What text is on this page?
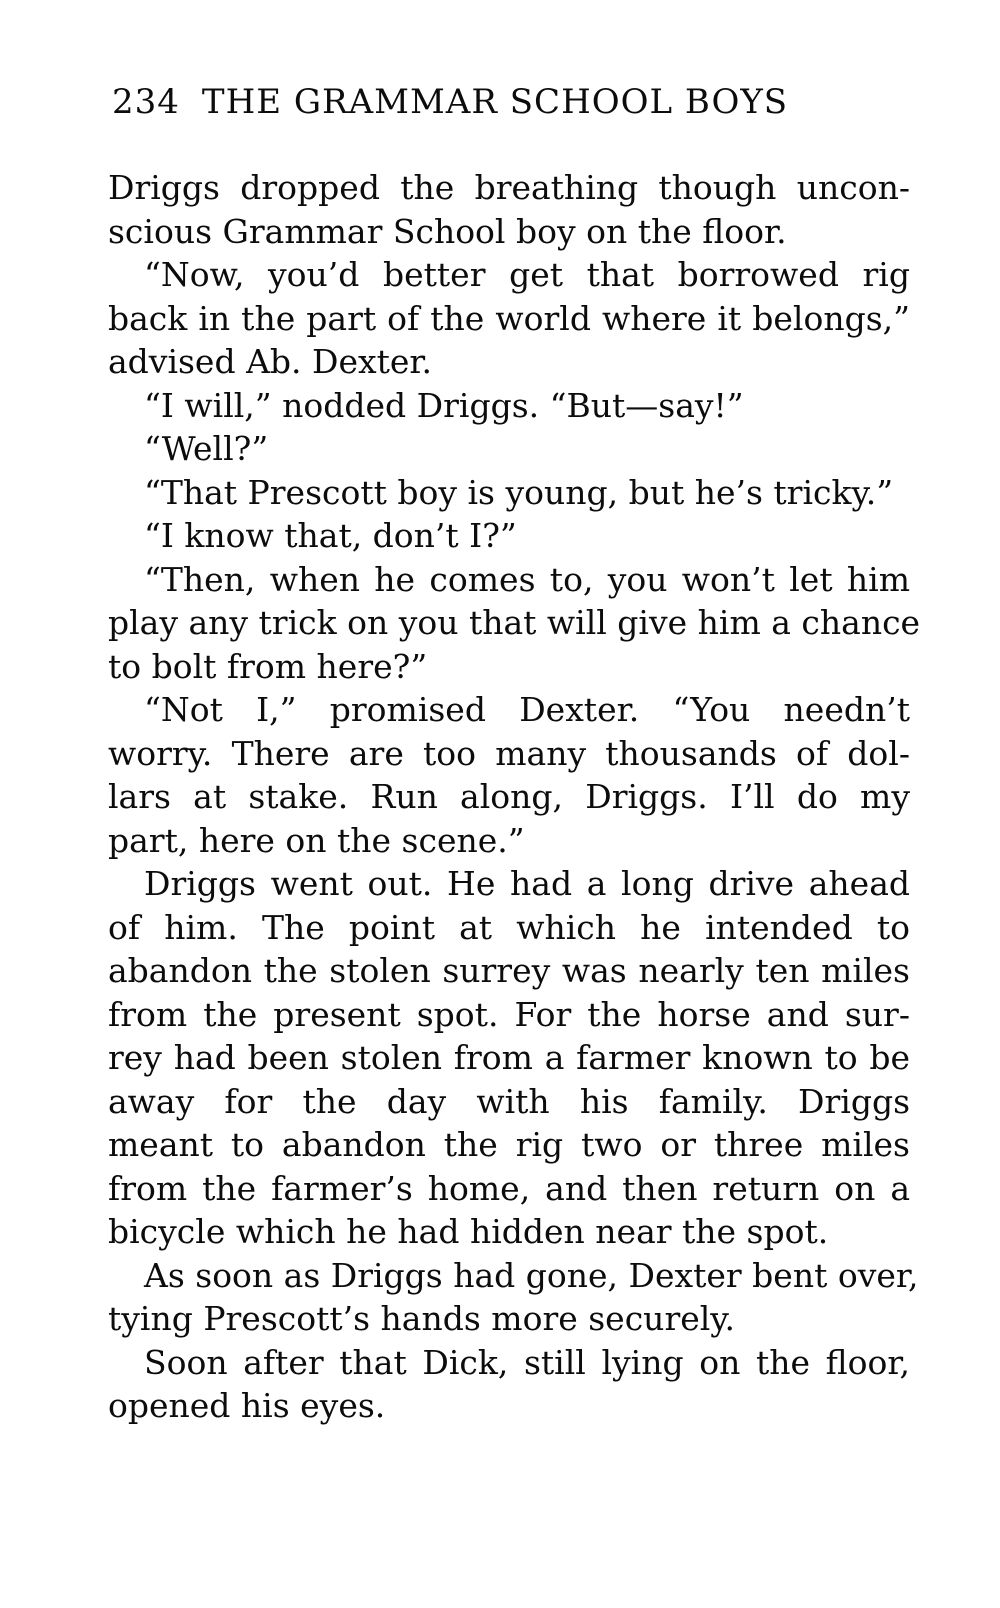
234 THE GRAMMAR SCHOOL BOYS
Driggs dropped the breathing though uncon-
scious Grammar School boy on the floor.
“Now, you’d better get that borrowed rig
back in the part of the world where it belongs,”
advised Ab. Dexter.
“I will,” nodded Driggs. “But—say!”
“Well?”
“That Prescott boy is young, but he’s tricky.”
“I know that, don’t I?”
“Then, when he comes to, you won’t let him
play any trick on you that will give him a chance
to bolt from here?”
“Not I,” promised Dexter. “You needn’t
worry. There are too many thousands of dol-
lars at stake. Run along, Driggs. I’ll do my
part, here on the scene.”
Driggs went out. He had a long drive ahead
of him. The point at which he intended to
abandon the stolen surrey was nearly ten miles
from the present spot. For the horse and sur-
rey had been stolen from a farmer known to be
away for the day with his family. Driggs
meant to abandon the rig two or three miles
from the farmer’s home, and then return on a
bicycle which he had hidden near the spot.
As soon as Driggs had gone, Dexter bent over,
tying Prescott’s hands more securely.
Soon after that Dick, still lying on the floor,
opened his eyes.
